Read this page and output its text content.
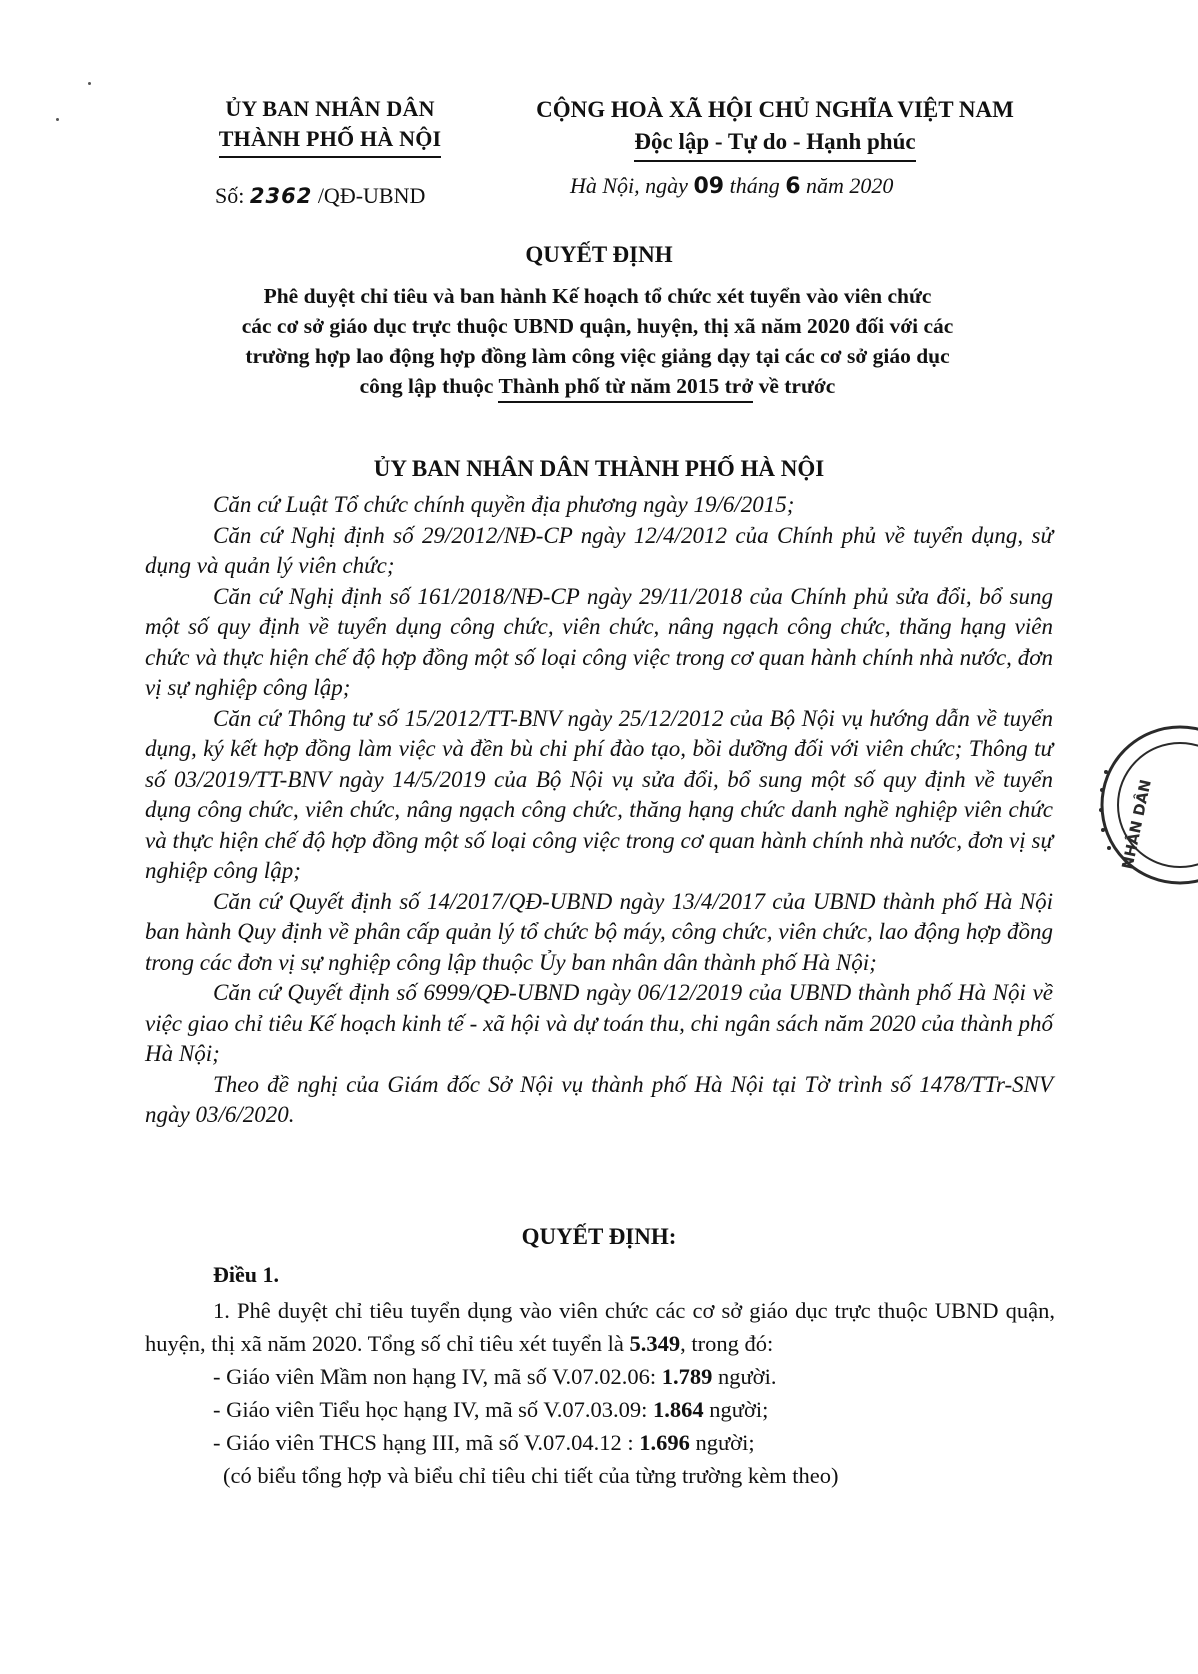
ỦY BAN NHÂN DÂN
THÀNH PHỐ HÀ NỘI
CỘNG HOÀ XÃ HỘI CHỦ NGHĨA VIỆT NAM
Độc lập - Tự do - Hạnh phúc
Số: 2362 /QĐ-UBND	Hà Nội, ngày 09 tháng 6 năm 2020
QUYẾT ĐỊNH
Phê duyệt chỉ tiêu và ban hành Kế hoạch tổ chức xét tuyển vào viên chức
các cơ sở giáo dục trực thuộc UBND quận, huyện, thị xã năm 2020 đối với các
trường hợp lao động hợp đồng làm công việc giảng dạy tại các cơ sở giáo dục
công lập thuộc Thành phố từ năm 2015 trở về trước
ỦY BAN NHÂN DÂN THÀNH PHỐ HÀ NỘI

Căn cứ Luật Tổ chức chính quyền địa phương ngày 19/6/2015;

Căn cứ Nghị định số 29/2012/NĐ-CP ngày 12/4/2012 của Chính phủ về tuyển dụng, sử dụng và quản lý viên chức;

Căn cứ Nghị định số 161/2018/NĐ-CP ngày 29/11/2018 của Chính phủ sửa đổi, bổ sung một số quy định về tuyển dụng công chức, viên chức, nâng ngạch công chức, thăng hạng viên chức và thực hiện chế độ hợp đồng một số loại công việc trong cơ quan hành chính nhà nước, đơn vị sự nghiệp công lập;

Căn cứ Thông tư số 15/2012/TT-BNV ngày 25/12/2012 của Bộ Nội vụ hướng dẫn về tuyển dụng, ký kết hợp đồng làm việc và đền bù chi phí đào tạo, bồi dưỡng đối với viên chức; Thông tư số 03/2019/TT-BNV ngày 14/5/2019 của Bộ Nội vụ sửa đổi, bổ sung một số quy định về tuyển dụng công chức, viên chức, nâng ngạch công chức, thăng hạng chức danh nghề nghiệp viên chức và thực hiện chế độ hợp đồng một số loại công việc trong cơ quan hành chính nhà nước, đơn vị sự nghiệp công lập;

Căn cứ Quyết định số 14/2017/QĐ-UBND ngày 13/4/2017 của UBND thành phố Hà Nội ban hành Quy định về phân cấp quản lý tổ chức bộ máy, công chức, viên chức, lao động hợp đồng trong các đơn vị sự nghiệp công lập thuộc Ủy ban nhân dân thành phố Hà Nội;

Căn cứ Quyết định số 6999/QĐ-UBND ngày 06/12/2019 của UBND thành phố Hà Nội về việc giao chỉ tiêu Kế hoạch kinh tế - xã hội và dự toán thu, chi ngân sách năm 2020 của thành phố Hà Nội;

Theo đề nghị của Giám đốc Sở Nội vụ thành phố Hà Nội tại Tờ trình số 1478/TTr-SNV ngày 03/6/2020.

QUYẾT ĐỊNH:
Điều 1.
1. Phê duyệt chỉ tiêu tuyển dụng vào viên chức các cơ sở giáo dục trực thuộc UBND quận, huyện, thị xã năm 2020. Tổng số chỉ tiêu xét tuyển là 5.349, trong đó:
- Giáo viên Mầm non hạng IV, mã số V.07.02.06: 1.789 người.
- Giáo viên Tiểu học hạng IV, mã số V.07.03.09: 1.864 người;
- Giáo viên THCS hạng III, mã số V.07.04.12 : 1.696 người;
(có biểu tổng hợp và biểu chỉ tiêu chi tiết của từng trường kèm theo)
NHÂN DÂN
